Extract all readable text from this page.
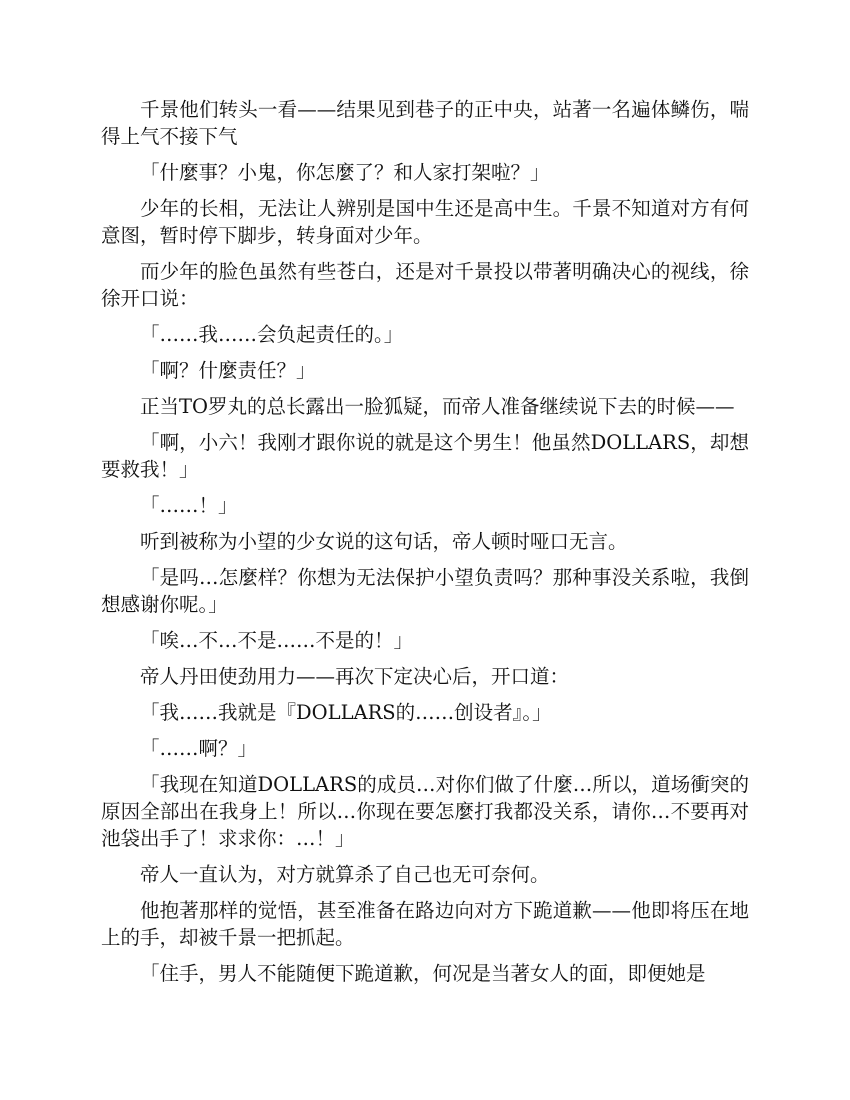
千景他们转头一看——结果见到巷子的正中央，站著一名遍体鳞伤，喘得上气不接下气

「什麼事？小鬼，你怎麼了？和人家打架啦？」

少年的长相，无法让人辨别是国中生还是高中生。千景不知道对方有何意图，暂时停下脚步，转身面对少年。

而少年的脸色虽然有些苍白，还是对千景投以带著明确决心的视线，徐徐开口说：

「……我……会负起责任的。」

「啊？什麼责任？」

正当TO罗丸的总长露出一脸狐疑，而帝人准备继续说下去的时候——

「啊，小六！我刚才跟你说的就是这个男生！他虽然DOLLARS，却想要救我！」

「……！」

听到被称为小望的少女说的这句话，帝人顿时哑口无言。

「是吗…怎麼样？你想为无法保护小望负责吗？那种事没关系啦，我倒想感谢你呢。」

「唉…不…不是……不是的！」

帝人丹田使劲用力——再次下定决心后，开口道：

「我……我就是『DOLLARS的……创设者』。」

「……啊？」

「我现在知道DOLLARS的成员…对你们做了什麼…所以，道场衝突的原因全部出在我身上！所以…你现在要怎麼打我都没关系，请你…不要再对池袋出手了！求求你：…！」

帝人一直认为，对方就算杀了自己也无可奈何。

他抱著那样的觉悟，甚至准备在路边向对方下跪道歉——他即将压在地上的手，却被千景一把抓起。

「住手，男人不能随便下跪道歉，何况是当著女人的面，即便她是
